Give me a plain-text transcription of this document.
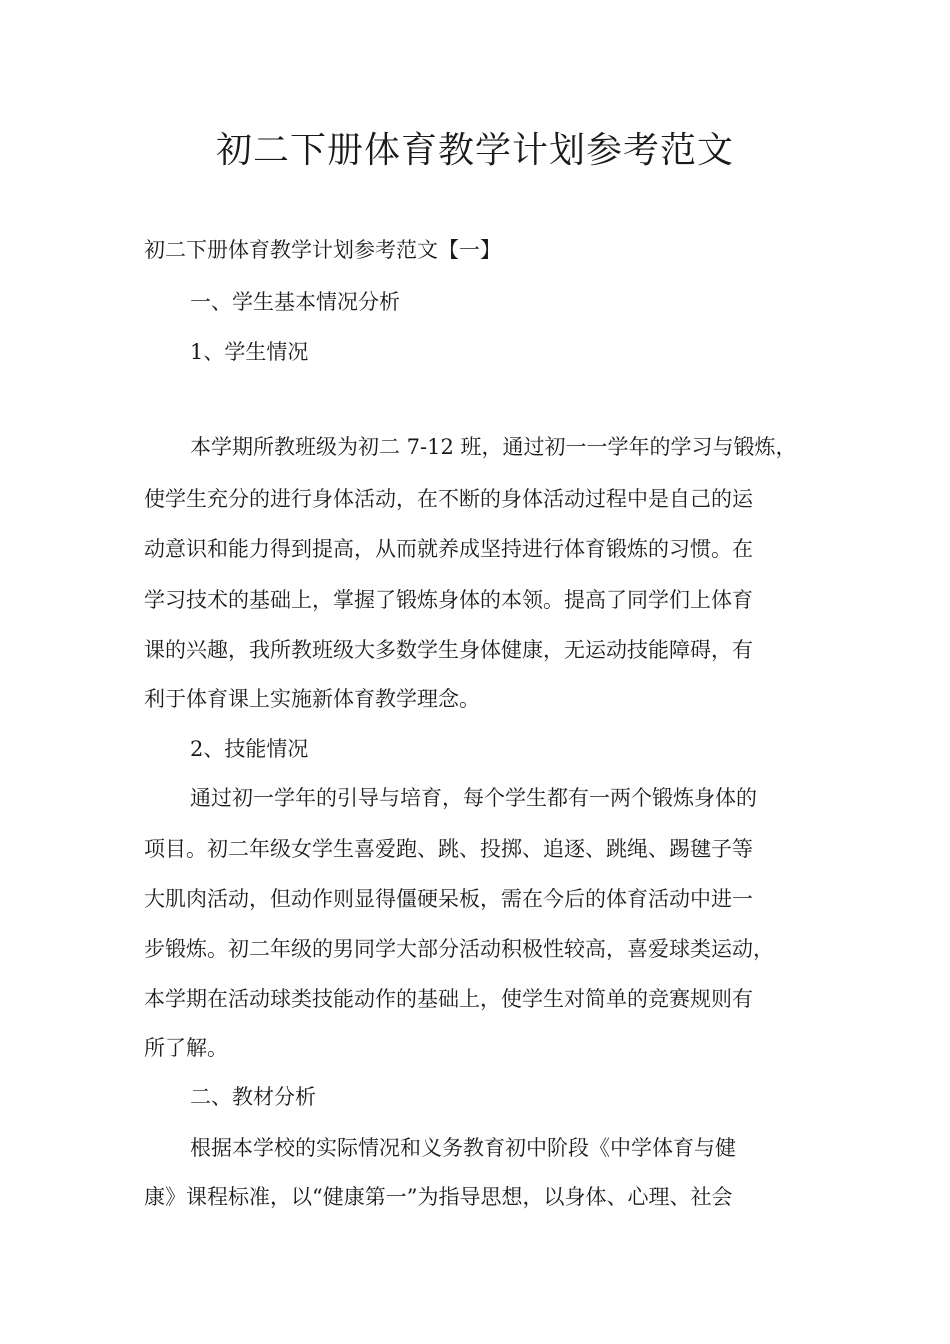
初二下册体育教学计划参考范文

初二下册体育教学计划参考范文【一】

一、学生基本情况分析

1、学生情况

本学期所教班级为初二 7-12 班，通过初一一学年的学习与锻炼，

使学生充分的进行身体活动，在不断的身体活动过程中是自己的运

动意识和能力得到提高，从而就养成坚持进行体育锻炼的习惯。在

学习技术的基础上，掌握了锻炼身体的本领。提高了同学们上体育

课的兴趣，我所教班级大多数学生身体健康，无运动技能障碍，有

利于体育课上实施新体育教学理念。

2、技能情况

通过初一学年的引导与培育，每个学生都有一两个锻炼身体的

项目。初二年级女学生喜爱跑、跳、投掷、追逐、跳绳、踢毽子等

大肌肉活动，但动作则显得僵硬呆板，需在今后的体育活动中进一

步锻炼。初二年级的男同学大部分活动积极性较高，喜爱球类运动，

本学期在活动球类技能动作的基础上，使学生对简单的竞赛规则有

所了解。

二、教材分析

根据本学校的实际情况和义务教育初中阶段《中学体育与健

康》课程标准，以“健康第一”为指导思想，以身体、心理、社会
